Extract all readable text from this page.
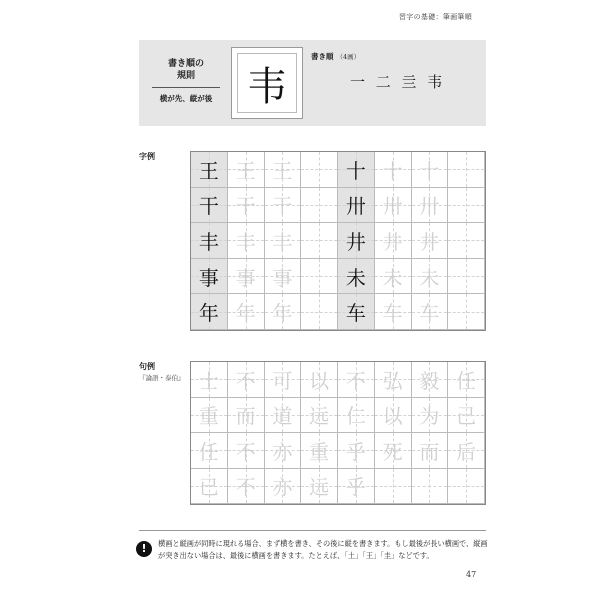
習字の基礎：筆画筆順
書き順の
規則
横が先、縦が後 韦
書き順 （4画）
一 二 亖 韦
字例
王 王 王	十 十 十
干 干 干	卅 卅 卅
丰 丰 丰	井 井 井
事 事 事	未 未 未
年 年 年	车 车 车
句例
『論語・泰伯』 士 不 可 以 不 弘 毅 任
重 而 道 远 仁 以 为 己
任 不 亦 重 乎 死 而 后
已 不 亦 远 乎
!	横画と縦画が同時に現れる場合、まず横を書き、その後に縦を書きます。もし最後が長い横画で、縦画が突き出ない場合は、最後に横画を書きます。たとえば、「土」「王」「圭」などです。
47
